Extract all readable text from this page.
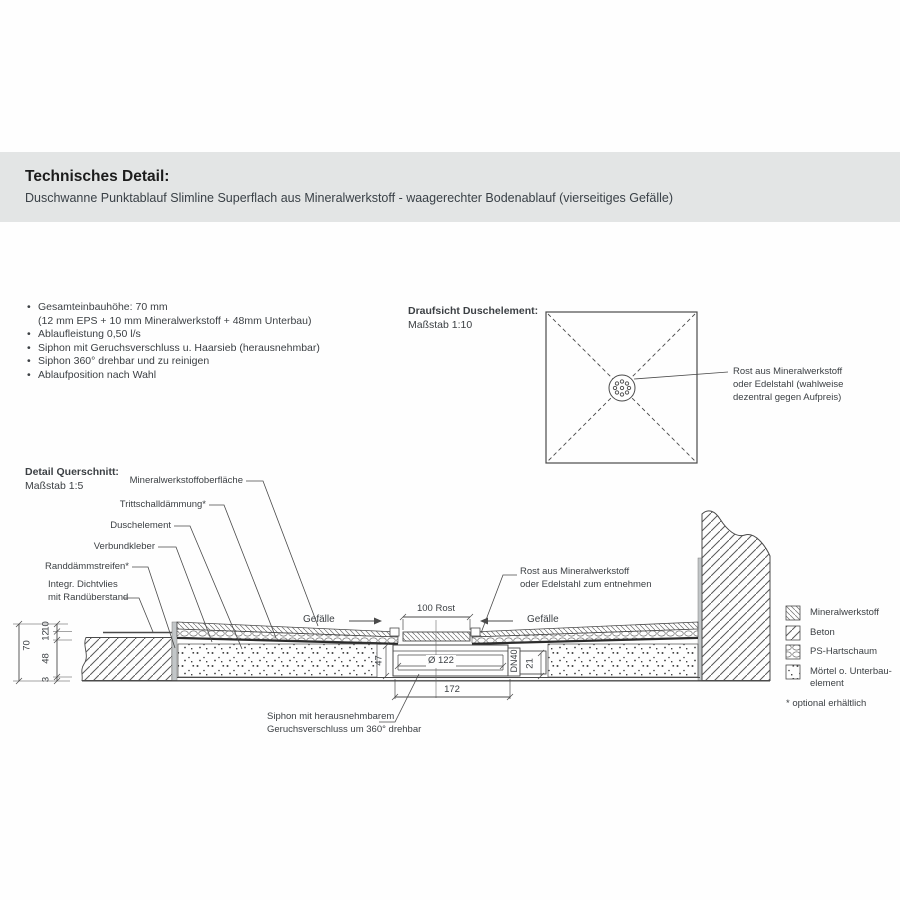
Technisches Detail:
Duschwanne Punktablauf Slimline Superflach aus Mineralwerkstoff - waagerechter Bodenablauf (vierseitiges Gefälle)
• Gesamteinbauhöhe: 70 mm
(12 mm EPS + 10 mm Mineralwerkstoff + 48mm Unterbau)
• Ablaufleistung 0,50 l/s
• Siphon mit Geruchsverschluss u. Haarsieb (herausnehmbar)
• Siphon 360° drehbar und zu reinigen
• Ablaufposition nach Wahl
Draufsicht Duschelement:
Maßstab 1:10
Rost aus Mineralwerkstoff
oder Edelstahl (wahlweise
dezentral gegen Aufpreis)
Detail Querschnitt:
Maßstab 1:5	Mineralwerkstoffoberfläche
Trittschalldämmung*
Duschelement
Verbundkleber
Randdämmstreifen*
Integr. Dichtvlies
mit Randüberstand
Rost aus Mineralwerkstoff
oder Edelstahl zum entnehmen
Gefälle	Gefälle
100 Rost
Ø 122
172
70
10
12
48
3
47	DN40 21
Siphon mit herausnehmbarem
Geruchsverschluss um 360° drehbar
Mineralwerkstoff
Beton
PS-Hartschaum
Mörtel o. Unterbau-
element
* optional erhältlich
